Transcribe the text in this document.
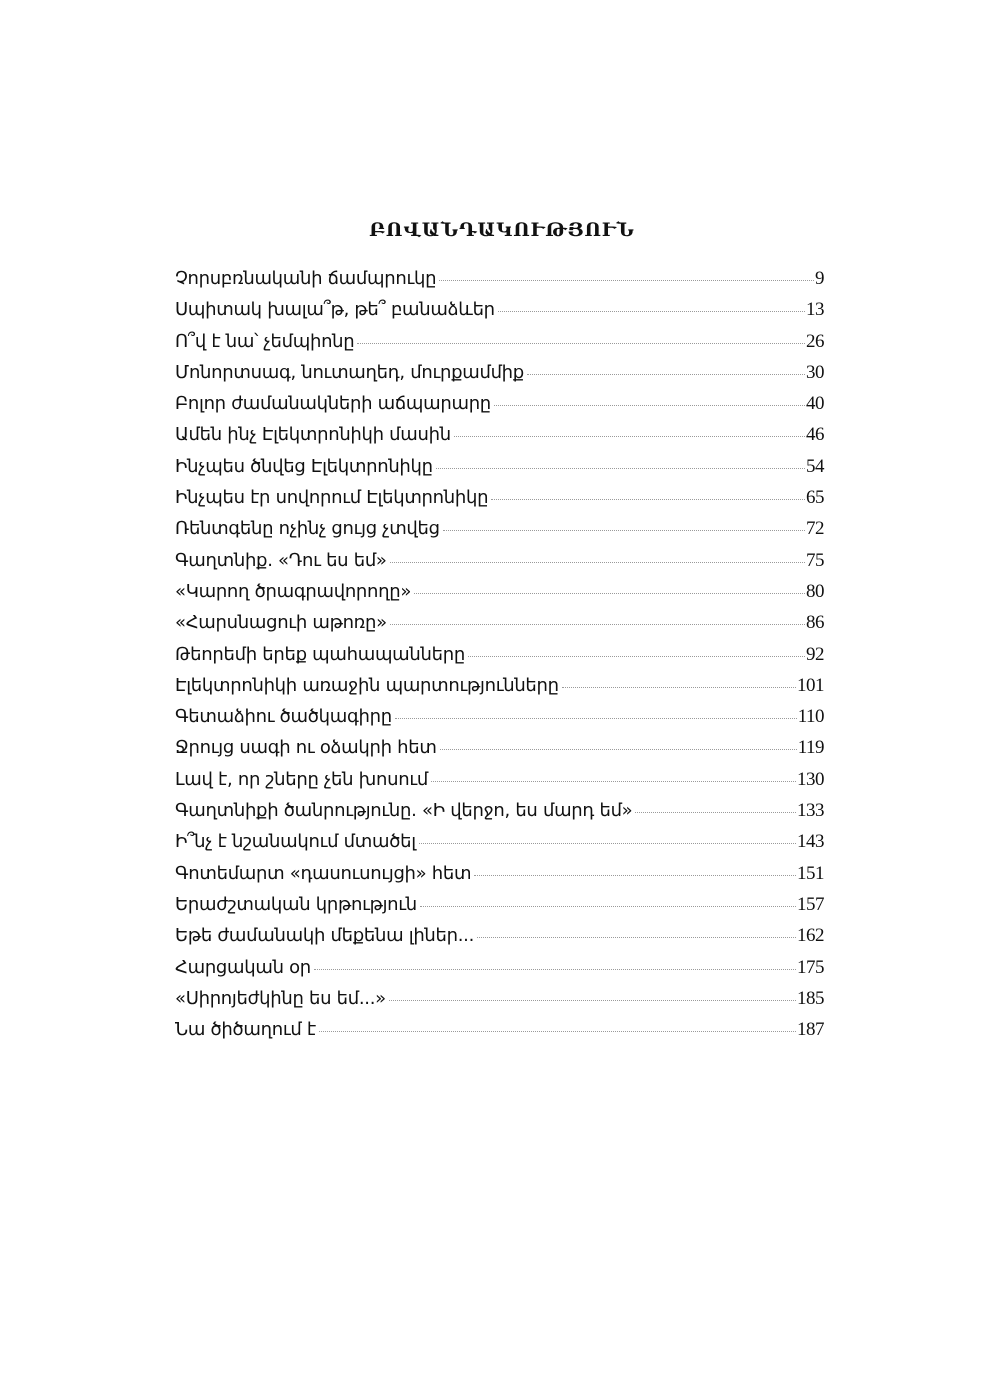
ԲՈՎԱՆԴԱԿՈՒԹՅՈՒՆ
Չորսբռնականի ճամպրուկը	9
Սպիտակ խալա՞թ, թե՞ բանաձևեր	13
Ո՞վ է նա՝ չեմպիոնը	26
Մոնորտսագ, նուտաղեդ, մուրքամմիք	30
Բոլոր ժամանակների աճպարարը	40
Ամեն ինչ Էլեկտրոնիկի մասին	46
Ինչպես ծնվեց Էլեկտրոնիկը	54
Ինչպես էր սովորում Էլեկտրոնիկը	65
Ռենտգենը ոչինչ ցույց չտվեց	72
Գաղտնիք. «Դու ես եմ»	75
«Կարող ծրագրավորողը»	80
«Հարսնացուի աթոռը»	86
Թեորեմի երեք պահապանները	92
Էլեկտրոնիկի առաջին պարտությունները	101
Գետաձիու ծածկագիրը	110
Ջրույց սագի ու օձակրի հետ	119
Լավ է, որ շները չեն խոսում	130
Գաղտնիքի ծանրությունը. «Ի վերջո, ես մարդ եմ»	133
Ի՞նչ է նշանակում մտածել	143
Գոտեմարտ «դասուսույցի» հետ	151
Երաժշտական կրթություն	157
Եթե ժամանակի մեքենա լիներ...	162
Հարցական օր	175
«Սիրոյեժկինը ես եմ...»	185
Նա ծիծաղում է	187
